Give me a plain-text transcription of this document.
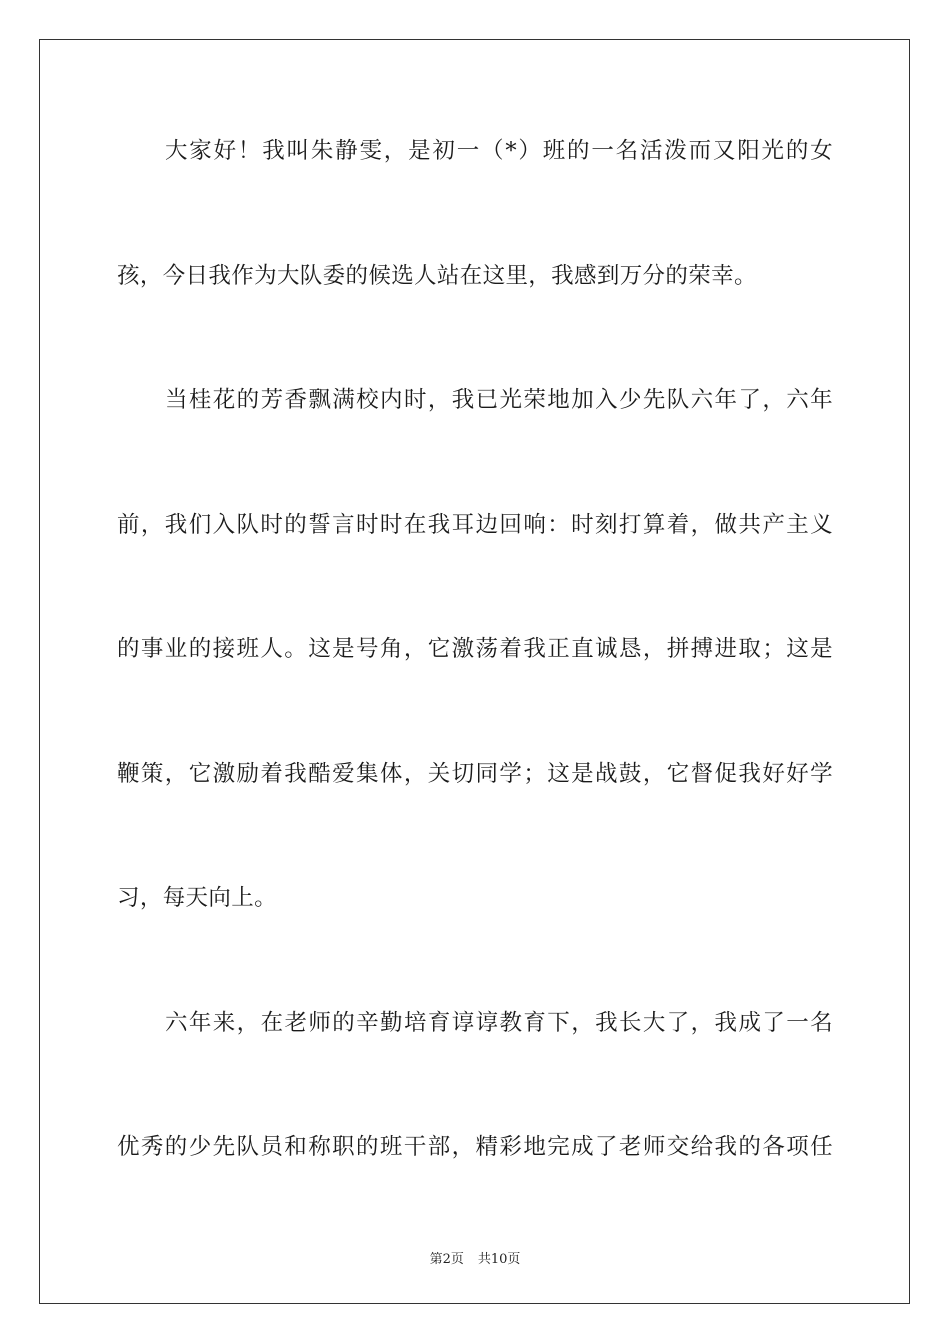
大家好！我叫朱静雯，是初一（*）班的一名活泼而又阳光的女
孩，今日我作为大队委的候选人站在这里，我感到万分的荣幸。
当桂花的芳香飘满校内时，我已光荣地加入少先队六年了，六年
前，我们入队时的誓言时时在我耳边回响：时刻打算着，做共产主义
的事业的接班人。这是号角，它激荡着我正直诚恳，拼搏进取；这是
鞭策，它激励着我酷爱集体，关切同学；这是战鼓，它督促我好好学
习，每天向上。
六年来，在老师的辛勤培育谆谆教育下，我长大了，我成了一名
优秀的少先队员和称职的班干部，精彩地完成了老师交给我的各项任
第2页 共10页
